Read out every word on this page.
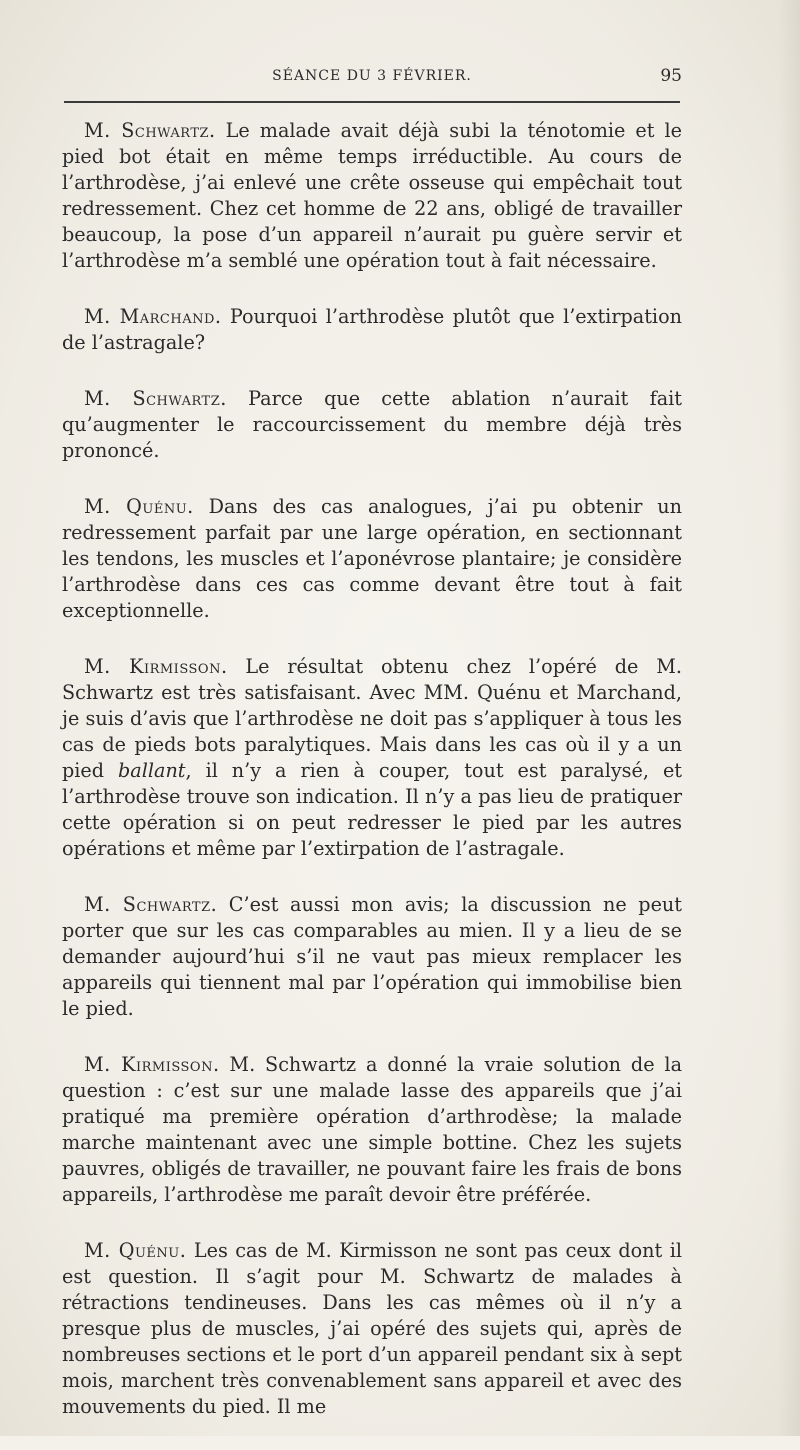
SÉANCE DU 3 FÉVRIER.	95

M. Schwartz. Le malade avait déjà subi la ténotomie et le pied bot était en même temps irréductible. Au cours de l’arthrodèse, j’ai enlevé une crête osseuse qui empêchait tout redressement. Chez cet homme de 22 ans, obligé de travailler beaucoup, la pose d’un appareil n’aurait pu guère servir et l’arthrodèse m’a semblé une opération tout à fait nécessaire.

M. Marchand. Pourquoi l’arthrodèse plutôt que l’extirpation de l’astragale?

M. Schwartz. Parce que cette ablation n’aurait fait qu’augmenter le raccourcissement du membre déjà très prononcé.

M. Quénu. Dans des cas analogues, j’ai pu obtenir un redressement parfait par une large opération, en sectionnant les tendons, les muscles et l’aponévrose plantaire; je considère l’arthrodèse dans ces cas comme devant être tout à fait exceptionnelle.

M. Kirmisson. Le résultat obtenu chez l’opéré de M. Schwartz est très satisfaisant. Avec MM. Quénu et Marchand, je suis d’avis que l’arthrodèse ne doit pas s’appliquer à tous les cas de pieds bots paralytiques. Mais dans les cas où il y a un pied ballant, il n’y a rien à couper, tout est paralysé, et l’arthrodèse trouve son indication. Il n’y a pas lieu de pratiquer cette opération si on peut redresser le pied par les autres opérations et même par l’extirpation de l’astragale.

M. Schwartz. C’est aussi mon avis; la discussion ne peut porter que sur les cas comparables au mien. Il y a lieu de se demander aujourd’hui s’il ne vaut pas mieux remplacer les appareils qui tiennent mal par l’opération qui immobilise bien le pied.

M. Kirmisson. M. Schwartz a donné la vraie solution de la question : c’est sur une malade lasse des appareils que j’ai pratiqué ma première opération d’arthrodèse; la malade marche maintenant avec une simple bottine. Chez les sujets pauvres, obligés de travailler, ne pouvant faire les frais de bons appareils, l’arthrodèse me paraît devoir être préférée.

M. Quénu. Les cas de M. Kirmisson ne sont pas ceux dont il est question. Il s’agit pour M. Schwartz de malades à rétractions tendineuses. Dans les cas mêmes où il n’y a presque plus de muscles, j’ai opéré des sujets qui, après de nombreuses sections et le port d’un appareil pendant six à sept mois, marchent très convenablement sans appareil et avec des mouvements du pied. Il me
